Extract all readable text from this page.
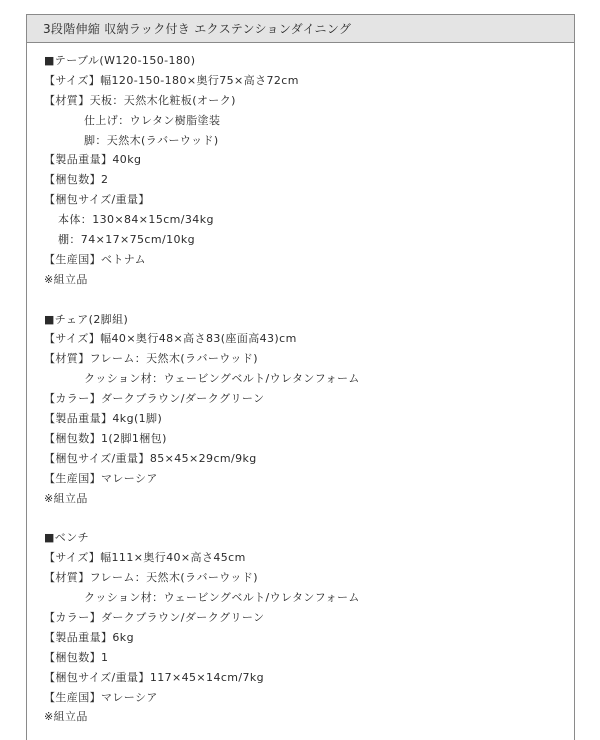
3段階伸縮 収納ラック付き エクステンションダイニング
■テーブル(W120-150-180)
【サイズ】幅120-150-180×奥行75×高さ72cm
【材質】天板：天然木化粧板(オーク)
仕上げ：ウレタン樹脂塗装
脚：天然木(ラバーウッド)
【製品重量】40kg
【梱包数】2
【梱包サイズ/重量】
本体：130×84×15cm/34kg
棚：74×17×75cm/10kg
【生産国】ベトナム
※組立品
■チェア(2脚組)
【サイズ】幅40×奥行48×高さ83(座面高43)cm
【材質】フレーム：天然木(ラバーウッド)
クッション材：ウェービングベルト/ウレタンフォーム
【カラー】ダークブラウン/ダークグリーン
【製品重量】4kg(1脚)
【梱包数】1(2脚1梱包)
【梱包サイズ/重量】85×45×29cm/9kg
【生産国】マレーシア
※組立品
■ベンチ
【サイズ】幅111×奥行40×高さ45cm
【材質】フレーム：天然木(ラバーウッド)
クッション材：ウェービングベルト/ウレタンフォーム
【カラー】ダークブラウン/ダークグリーン
【製品重量】6kg
【梱包数】1
【梱包サイズ/重量】117×45×14cm/7kg
【生産国】マレーシア
※組立品
